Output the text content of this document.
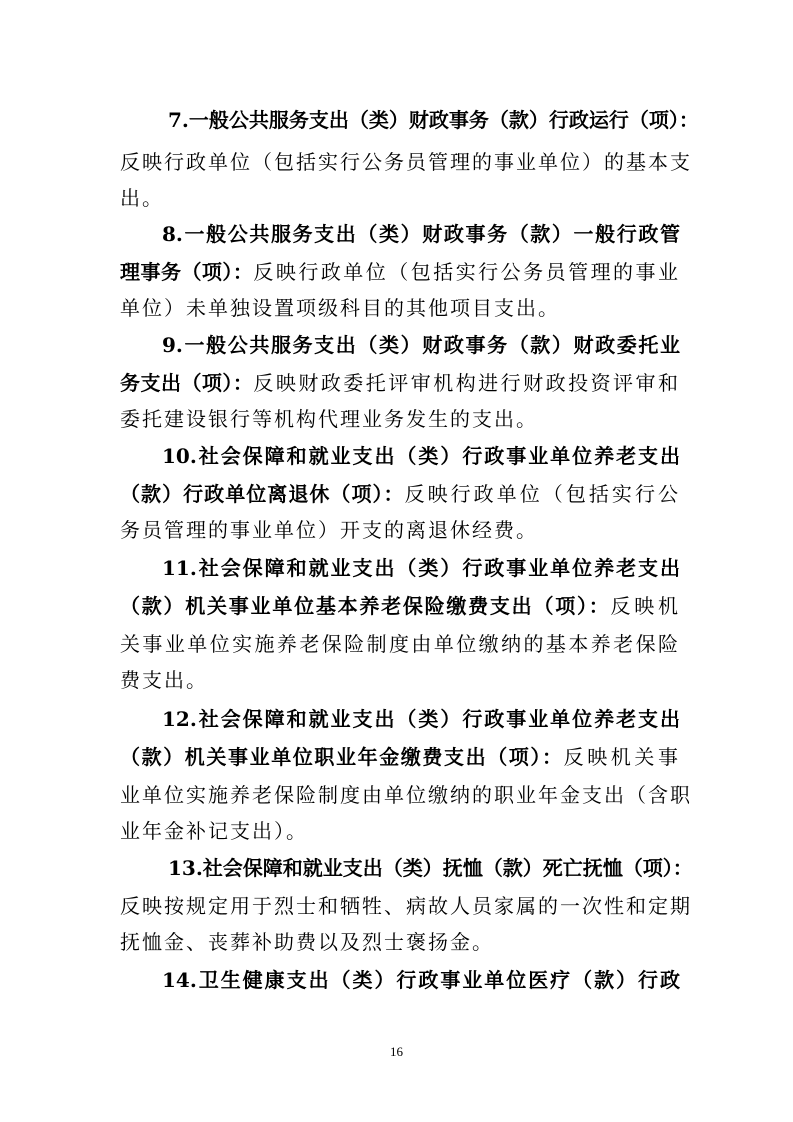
7.一般公共服务支出（类）财政事务（款）行政运行（项）：
反映行政单位（包括实行公务员管理的事业单位）的基本支
出。
8.一般公共服务支出（类）财政事务（款）一般行政管
理事务（项）：反映行政单位（包括实行公务员管理的事业
单位）未单独设置项级科目的其他项目支出。
9.一般公共服务支出（类）财政事务（款）财政委托业
务支出（项）：反映财政委托评审机构进行财政投资评审和
委托建设银行等机构代理业务发生的支出。
10.社会保障和就业支出（类）行政事业单位养老支出
（款）行政单位离退休（项）：反映行政单位（包括实行公
务员管理的事业单位）开支的离退休经费。
11.社会保障和就业支出（类）行政事业单位养老支出
（款）机关事业单位基本养老保险缴费支出（项）：反映机
关事业单位实施养老保险制度由单位缴纳的基本养老保险
费支出。
12.社会保障和就业支出（类）行政事业单位养老支出
（款）机关事业单位职业年金缴费支出（项）：反映机关事
业单位实施养老保险制度由单位缴纳的职业年金支出（含职
业年金补记支出）。
13.社会保障和就业支出（类）抚恤（款）死亡抚恤（项）：
反映按规定用于烈士和牺牲、病故人员家属的一次性和定期
抚恤金、丧葬补助费以及烈士褒扬金。
14.卫生健康支出（类）行政事业单位医疗（款）行政
16
